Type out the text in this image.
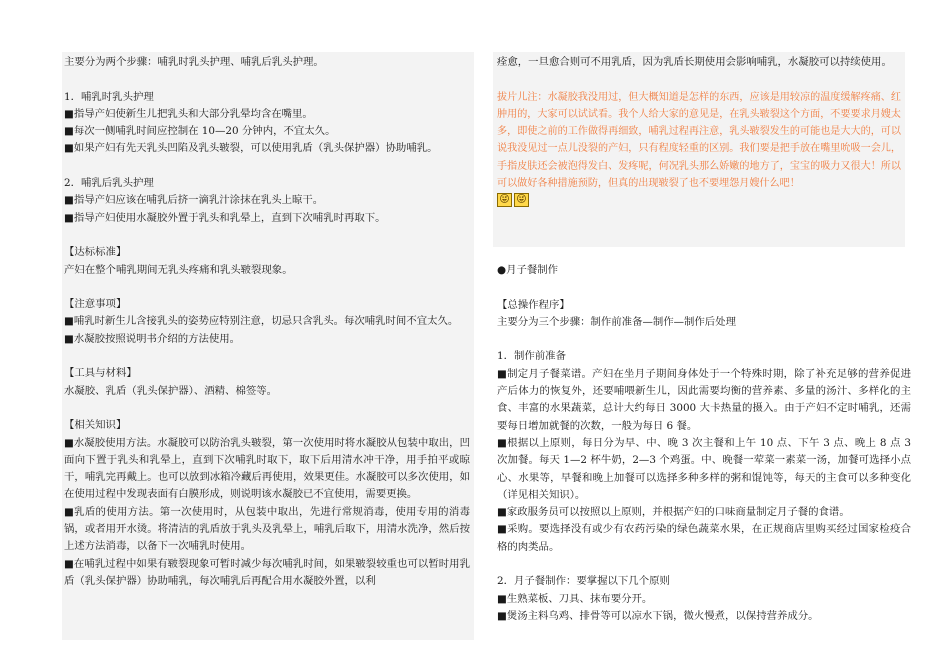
主要分为两个步骤：哺乳时乳头护理、哺乳后乳头护理。

1．哺乳时乳头护理

■指导产妇使新生儿把乳头和大部分乳晕均含在嘴里。

■每次一侧哺乳时间应控制在 10—20 分钟内，不宜太久。

■如果产妇有先天乳头凹陷及乳头皲裂，可以使用乳盾（乳头保护器）协助哺乳。

2．哺乳后乳头护理

■指导产妇应该在哺乳后挤一滴乳汁涂抹在乳头上晾干。

■指导产妇使用水凝胶外置于乳头和乳晕上，直到下次哺乳时再取下。

【达标标准】

产妇在整个哺乳期间无乳头疼痛和乳头皲裂现象。

【注意事项】

■哺乳时新生儿含接乳头的姿势应特别注意，切忌只含乳头。每次哺乳时间不宜太久。

■水凝胶按照说明书介绍的方法使用。

【工具与材料】

水凝胶、乳盾（乳头保护器）、酒精、棉签等。

【相关知识】

■水凝胶使用方法。水凝胶可以防治乳头皲裂，第一次使用时将水凝胶从包装中取出，凹面向下置于乳头和乳晕上，直到下次哺乳时取下，取下后用清水冲干净，用手拍平或晾干，哺乳完再戴上。也可以放到冰箱冷藏后再使用，效果更佳。水凝胶可以多次使用，如在使用过程中发现表面有白膜形成，则说明该水凝胶已不宜使用，需要更换。

■乳盾的使用方法。第一次使用时，从包装中取出，先进行常规消毒，使用专用的消毒锅，或者用开水烫。将清洁的乳盾放于乳头及乳晕上，哺乳后取下，用清水洗净，然后按上述方法消毒，以备下一次哺乳时使用。

■在哺乳过程中如果有皲裂现象可暂时减少每次哺乳时间，如果皲裂较重也可以暂时用乳盾（乳头保护器）协助哺乳，每次哺乳后再配合用水凝胶外置，以利

痊愈，一旦愈合则可不用乳盾，因为乳盾长期使用会影响哺乳，水凝胶可以持续使用。

拔片儿注：水凝胶我没用过，但大概知道是怎样的东西，应该是用较凉的温度缓解疼痛、红肿用的，大家可以试试看。我个人给大家的意见是，在乳头皲裂这个方面，不要要求月嫂太多，即使之前的工作做得再细致，哺乳过程再注意，乳头皲裂发生的可能也是大大的，可以说我没见过一点儿没裂的产妇，只有程度轻重的区别。我们要是把手放在嘴里吮吸一会儿，手指皮肤还会被泡得发白、发疼呢，何况乳头那么娇嫩的地方了，宝宝的吸力又很大！所以可以做好各种措施预防，但真的出现皲裂了也不要埋怨月嫂什么吧！

😜 😜

●月子餐制作

【总操作程序】

主要分为三个步骤：制作前准备—制作—制作后处理

1．制作前准备

■制定月子餐菜谱。产妇在坐月子期间身体处于一个特殊时期，除了补充足够的营养促进产后体力的恢复外，还要哺喂新生儿，因此需要均衡的营养素、多量的汤汁、多样化的主食、丰富的水果蔬菜，总计大约每日 3000 大卡热量的摄入。由于产妇不定时哺乳，还需要每日增加就餐的次数，一般为每日 6 餐。

■根据以上原则，每日分为早、中、晚 3 次主餐和上午 10 点、下午 3 点、晚上 8 点 3 次加餐。每天 1—2 杯牛奶，2—3 个鸡蛋。中、晚餐一荤菜一素菜一汤，加餐可选择小点心、水果等，早餐和晚上加餐可以选择多种多样的粥和馄饨等，每天的主食可以多种变化（详见相关知识）。

■家政服务员可以按照以上原则，并根据产妇的口味商量制定月子餐的食谱。

■采购。要选择没有或少有农药污染的绿色蔬菜水果，在正规商店里购买经过国家检疫合格的肉类品。

2．月子餐制作：要掌握以下几个原则

■生熟菜板、刀具、抹布要分开。

■煲汤主料乌鸡、排骨等可以凉水下锅，微火慢煮，以保持营养成分。
